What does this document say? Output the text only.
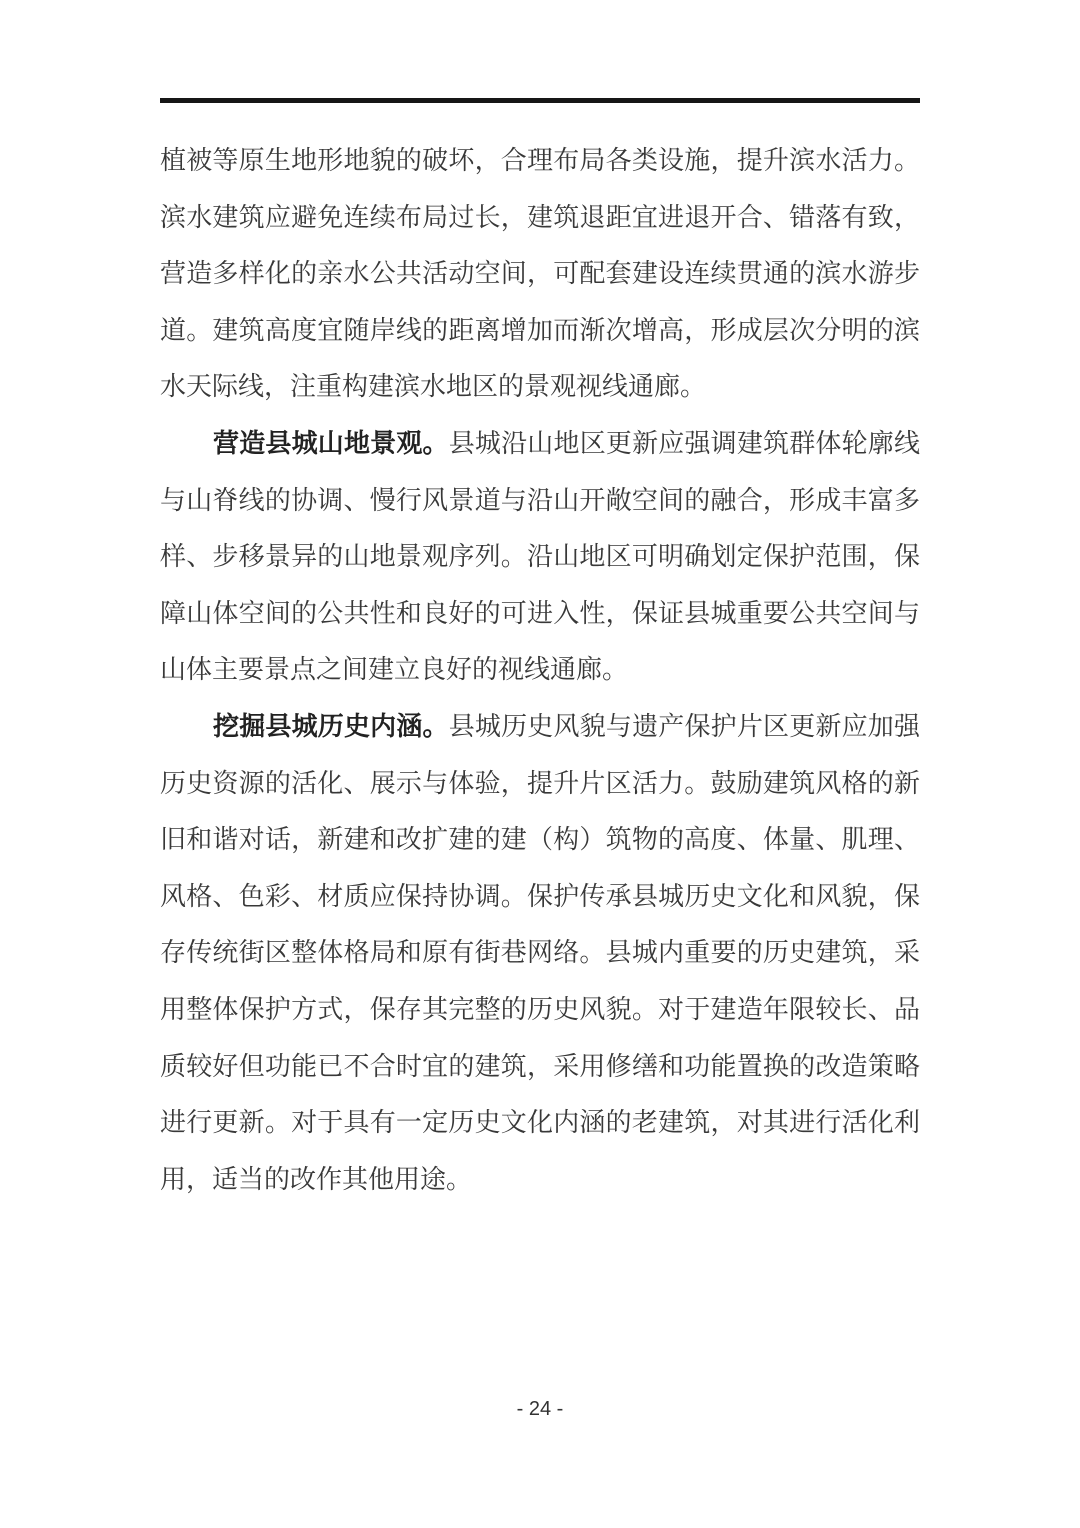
植被等原生地形地貌的破坏，合理布局各类设施，提升滨水活力。
滨水建筑应避免连续布局过长，建筑退距宜进退开合、错落有致，
营造多样化的亲水公共活动空间，可配套建设连续贯通的滨水游步
道。建筑高度宜随岸线的距离增加而渐次增高，形成层次分明的滨
水天际线，注重构建滨水地区的景观视线通廊。
营造县城山地景观。县城沿山地区更新应强调建筑群体轮廓线
与山脊线的协调、慢行风景道与沿山开敞空间的融合，形成丰富多
样、步移景异的山地景观序列。沿山地区可明确划定保护范围，保
障山体空间的公共性和良好的可进入性，保证县城重要公共空间与
山体主要景点之间建立良好的视线通廊。
挖掘县城历史内涵。县城历史风貌与遗产保护片区更新应加强
历史资源的活化、展示与体验，提升片区活力。鼓励建筑风格的新
旧和谐对话，新建和改扩建的建（构）筑物的高度、体量、肌理、
风格、色彩、材质应保持协调。保护传承县城历史文化和风貌，保
存传统街区整体格局和原有街巷网络。县城内重要的历史建筑，采
用整体保护方式，保存其完整的历史风貌。对于建造年限较长、品
质较好但功能已不合时宜的建筑，采用修缮和功能置换的改造策略
进行更新。对于具有一定历史文化内涵的老建筑，对其进行活化利
用，适当的改作其他用途。
- 24 -
